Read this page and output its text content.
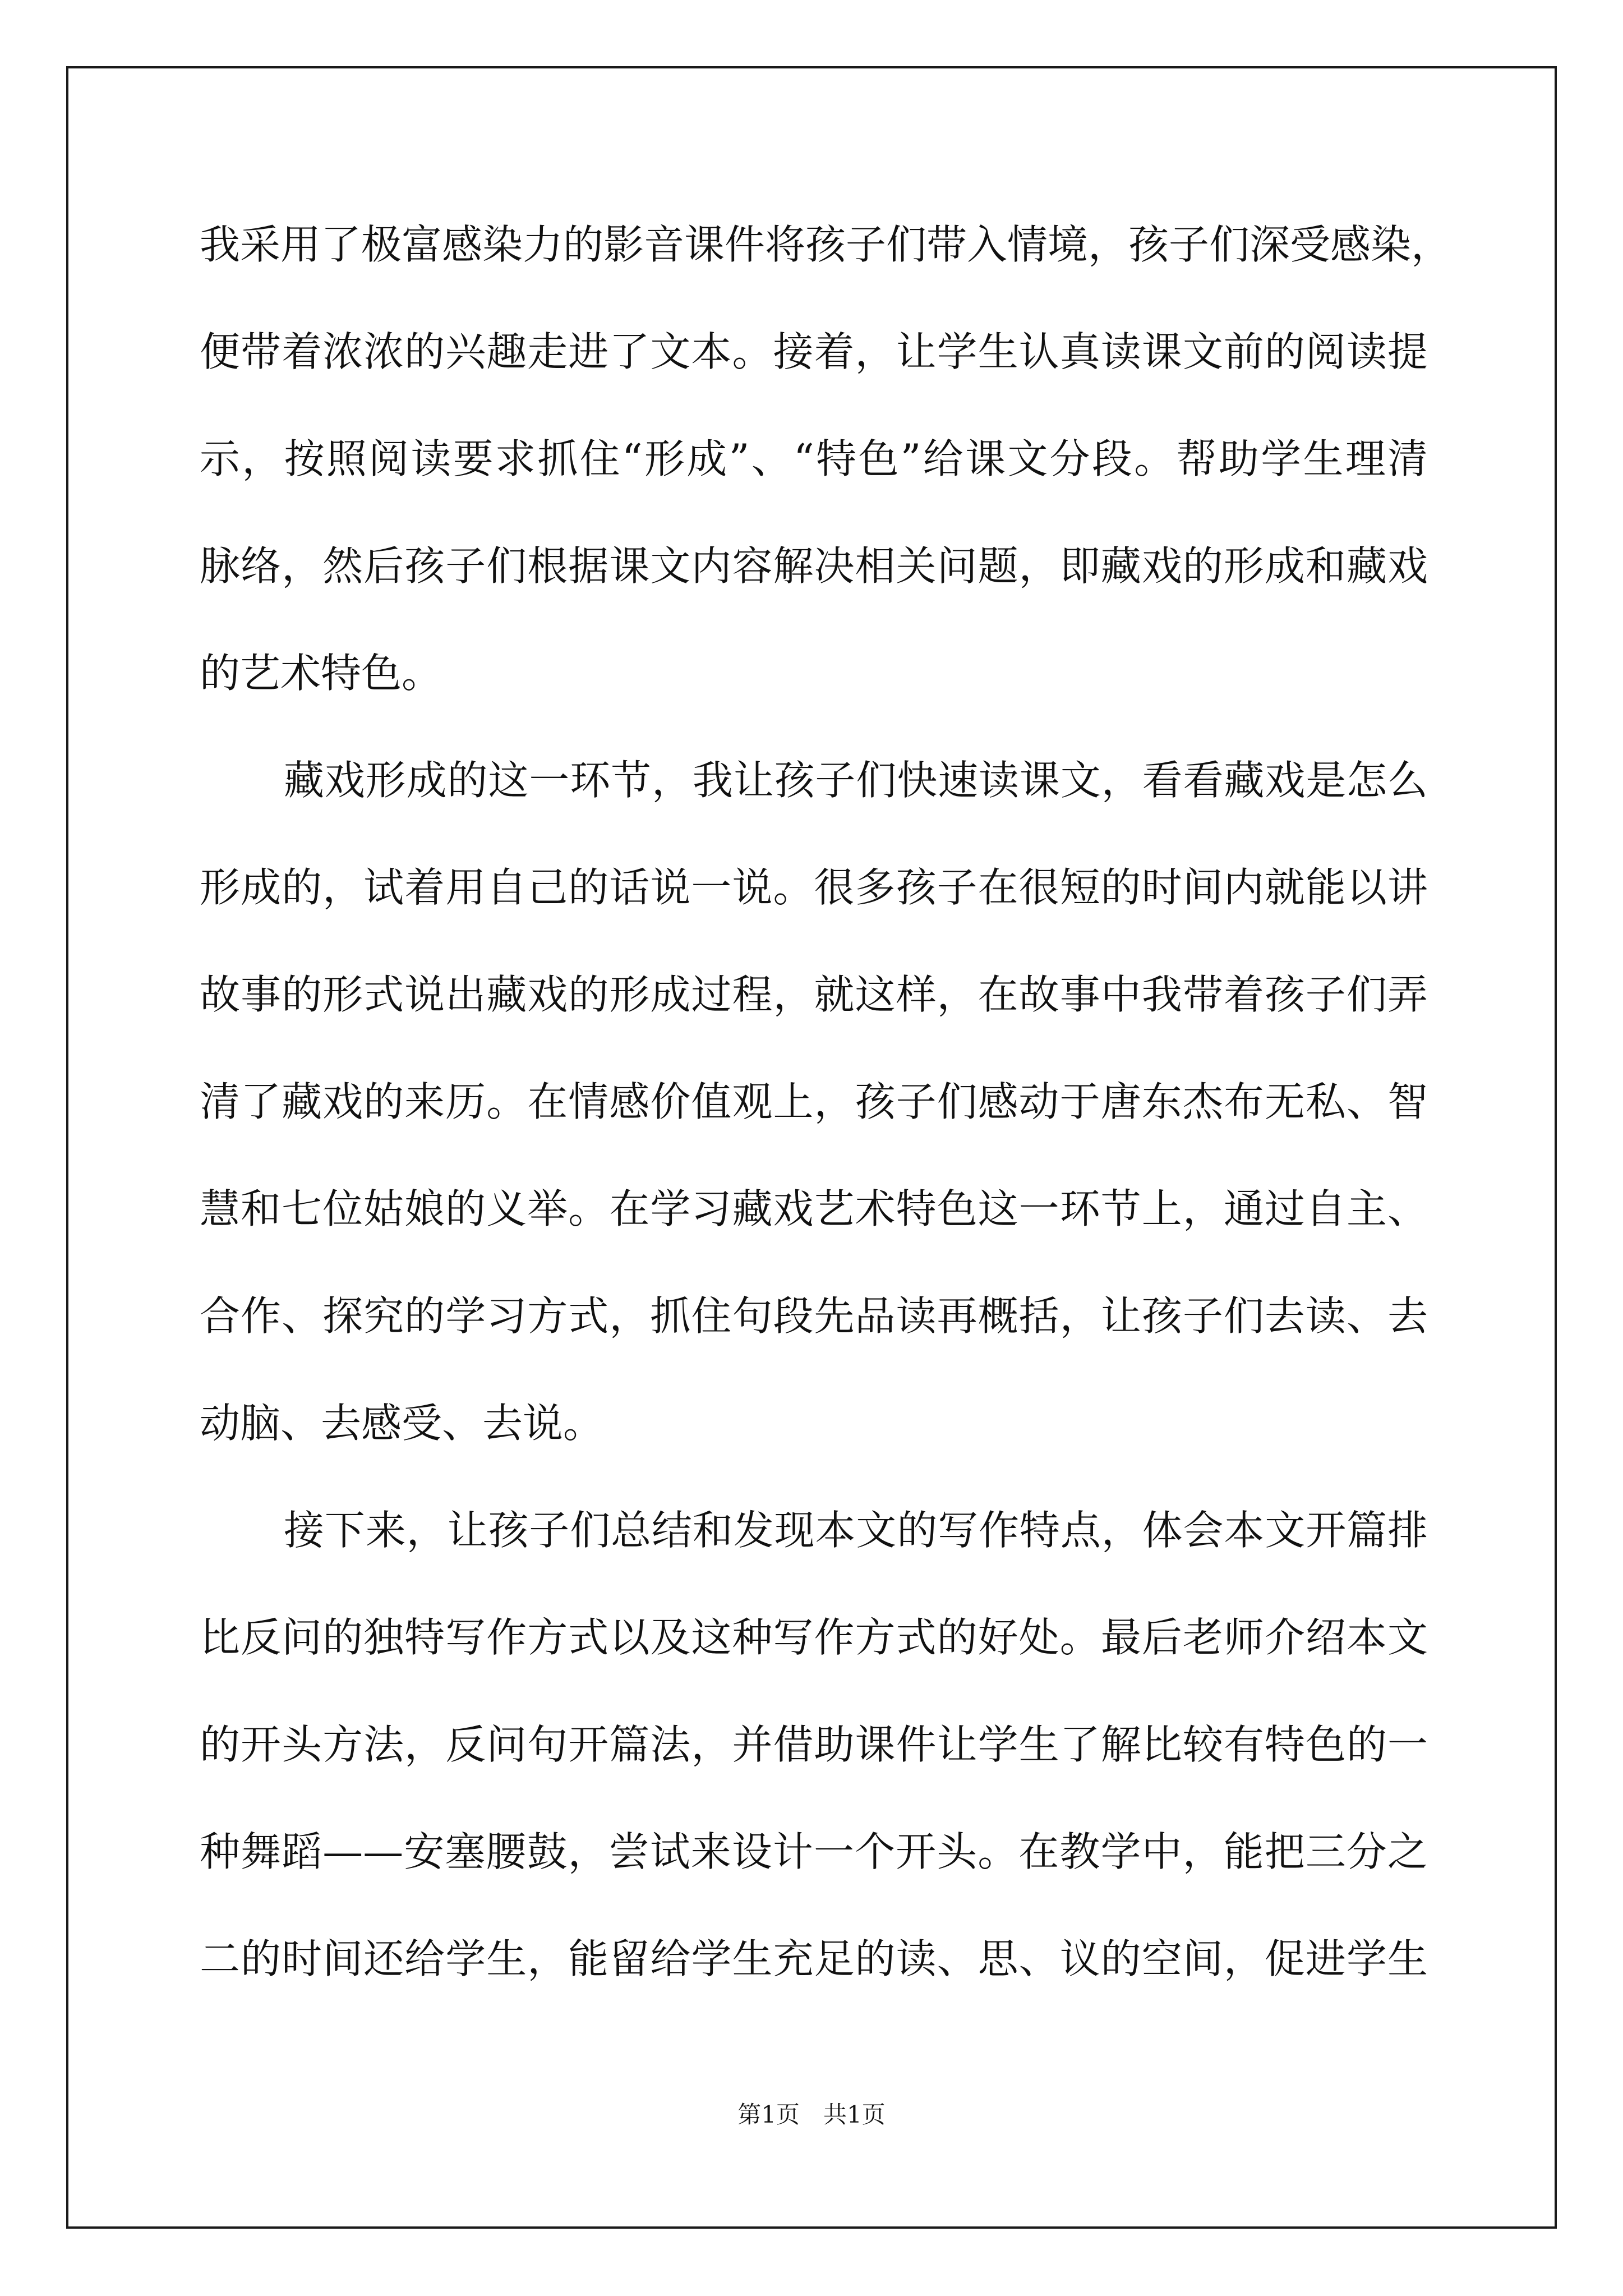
我采用了极富感染力的影音课件将孩子们带入情境，孩子们深受感染，
便带着浓浓的兴趣走进了文本。接着，让学生认真读课文前的阅读提
示，按照阅读要求抓住“形成”、“特色”给课文分段。帮助学生理清
脉络，然后孩子们根据课文内容解决相关问题，即藏戏的形成和藏戏
的艺术特色。
藏戏形成的这一环节，我让孩子们快速读课文，看看藏戏是怎么
形成的，试着用自己的话说一说。很多孩子在很短的时间内就能以讲
故事的形式说出藏戏的形成过程，就这样，在故事中我带着孩子们弄
清了藏戏的来历。在情感价值观上，孩子们感动于唐东杰布无私、智
慧和七位姑娘的义举。在学习藏戏艺术特色这一环节上，通过自主、
合作、探究的学习方式，抓住句段先品读再概括，让孩子们去读、去
动脑、去感受、去说。
接下来，让孩子们总结和发现本文的写作特点，体会本文开篇排
比反问的独特写作方式以及这种写作方式的好处。最后老师介绍本文
的开头方法，反问句开篇法，并借助课件让学生了解比较有特色的一
种舞蹈——安塞腰鼓，尝试来设计一个开头。在教学中，能把三分之
二的时间还给学生，能留给学生充足的读、思、议的空间，促进学生
第1页　共1页
